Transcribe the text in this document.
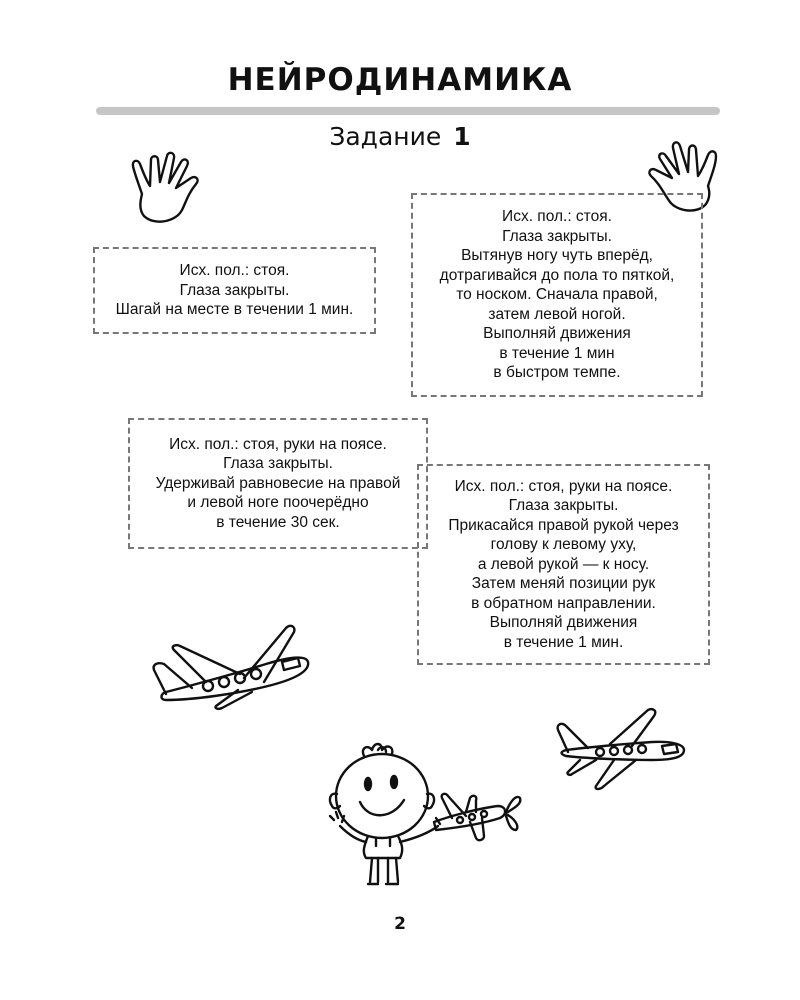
НЕЙРОДИНАМИКА
Задание 1
Исх. пол.: стоя.
Глаза закрыты.
Шагай на месте в течении 1 мин.
Исх. пол.: стоя.
Глаза закрыты.
Вытянув ногу чуть вперёд,
дотрагивайся до пола то пяткой,
то носком. Сначала правой,
затем левой ногой.
Выполняй движения
в течение 1 мин
в быстром темпе.
Исх. пол.: стоя, руки на поясе.
Глаза закрыты.
Удерживай равновесие на правой
и левой ноге поочерёдно
в течение 30 сек.
Исх. пол.: стоя, руки на поясе.
Глаза закрыты.
Прикасайся правой рукой через
голову к левому уху,
а левой рукой — к носу.
Затем меняй позиции рук
в обратном направлении.
Выполняй движения
в течение 1 мин.
2
